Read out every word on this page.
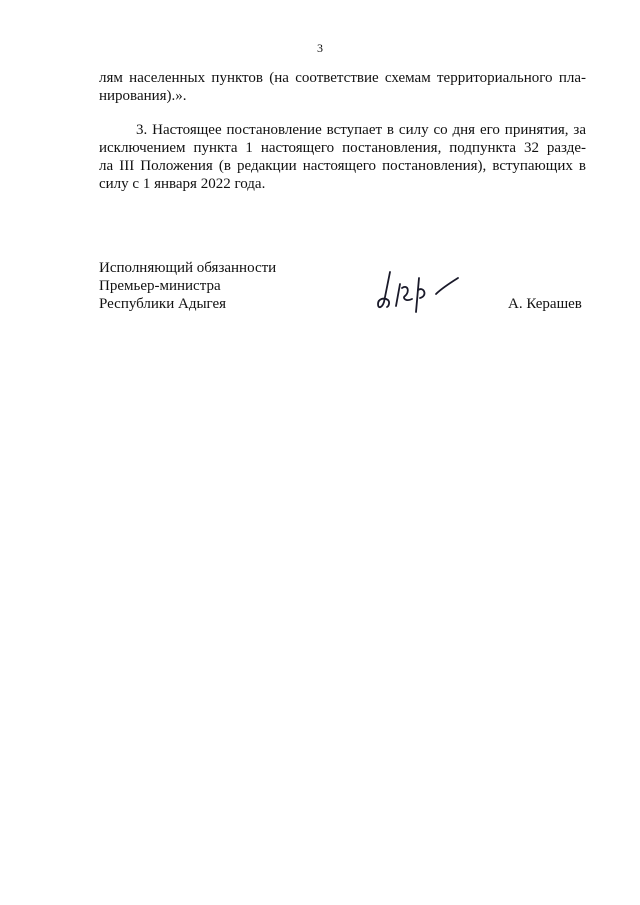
3
лям населенных пунктов (на соответствие схемам территориального пла-
нирования).».
3. Настоящее постановление вступает в силу со дня его принятия, за
исключением пункта 1 настоящего постановления, подпункта 32 разде-
ла III Положения (в редакции настоящего постановления), вступающих в
силу с 1 января 2022 года.
Исполняющий обязанности
Премьер-министра
Республики Адыгея	А. Керашев
